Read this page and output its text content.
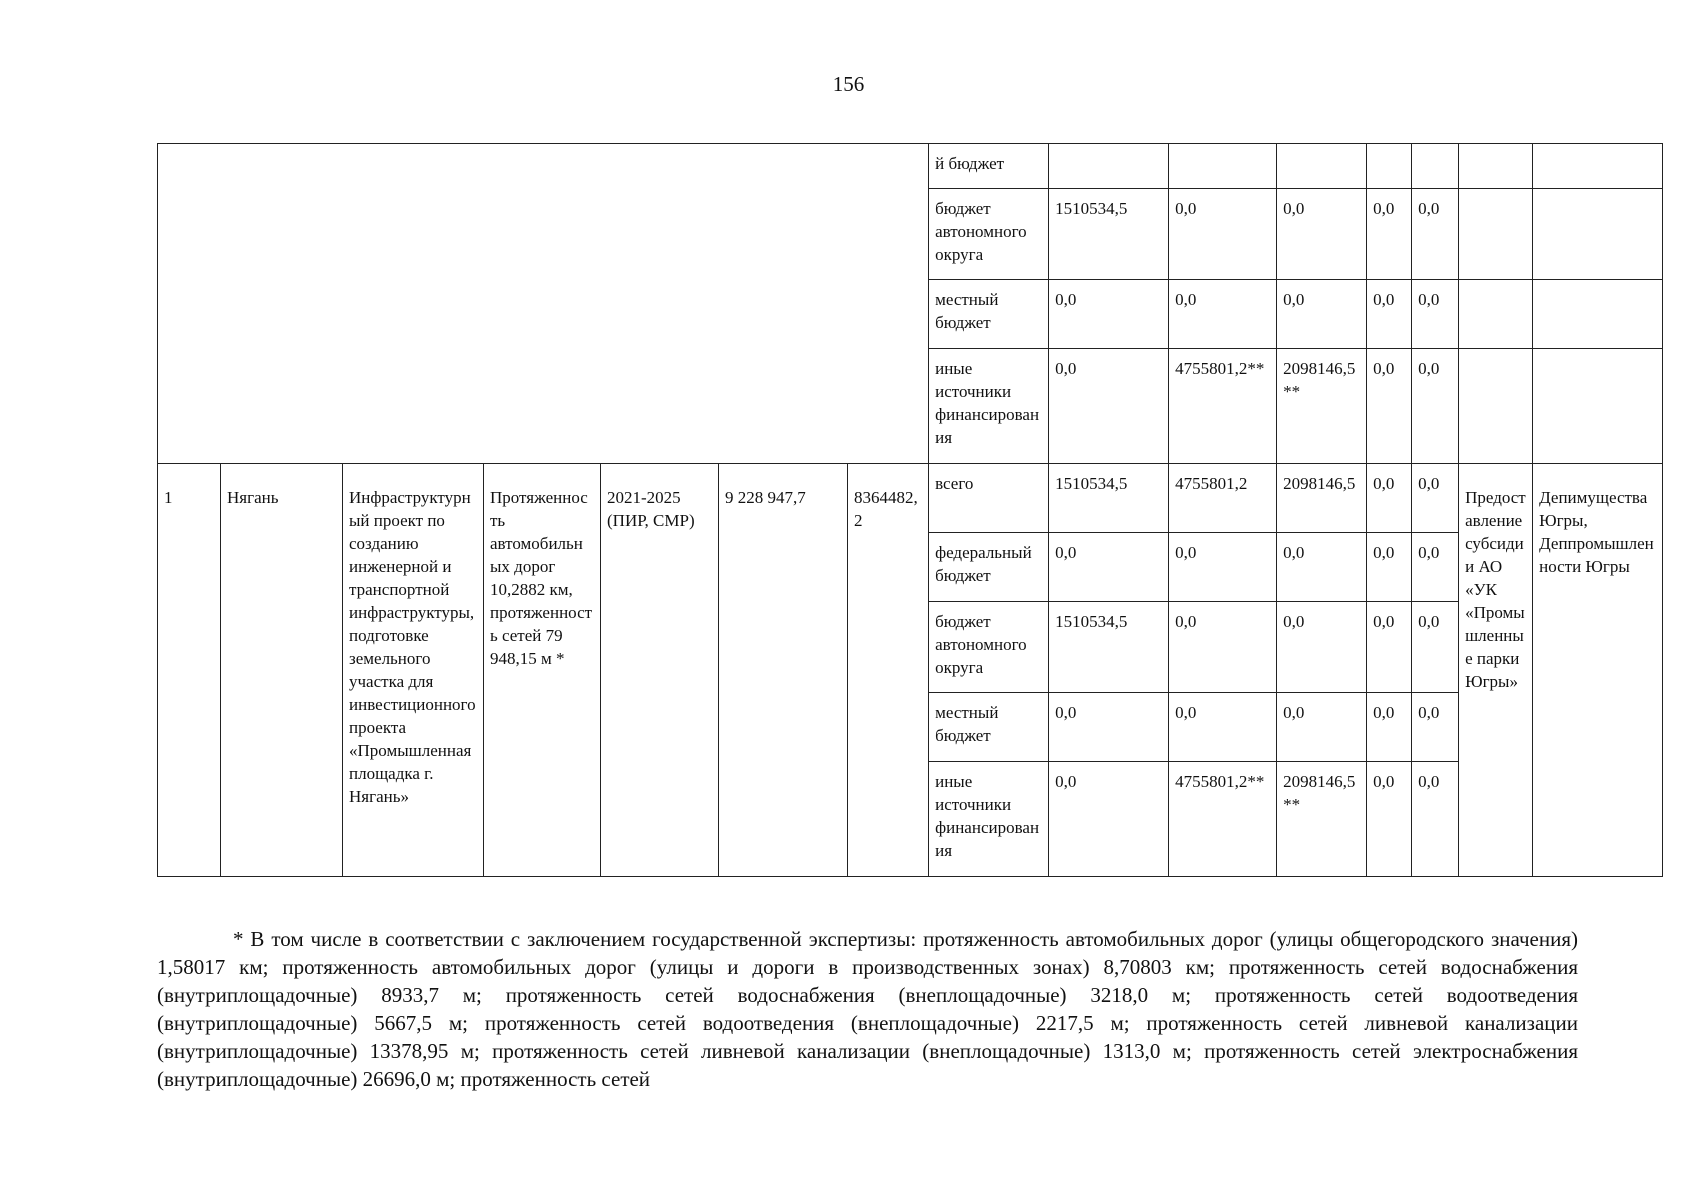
156
							й бюджет							
							бюджет автономного округа	1510534,5	0,0	0,0	0,0	0,0		
							местный бюджет	0,0	0,0	0,0	0,0	0,0		
							иные источники финансирования	0,0	4755801,2**	2098146,5**	0,0	0,0		
1	Нягань	Инфраструктурный проект по созданию инженерной и транспортной инфраструктуры, подготовке земельного участка для инвестиционного проекта «Промышленная площадка г. Нягань»	Протяженность автомобильных дорог 10,2882 км, протяженность сетей 79 948,15 м *	2021-2025 (ПИР, СМР)	9 228 947,7	8364482,2	всего	1510534,5	4755801,2	2098146,5	0,0	0,0	Предоставление субсидии АО «УК «Промышленные парки Югры»	Депимущества Югры, Деппромышленности Югры
							федеральный бюджет	0,0	0,0	0,0	0,0	0,0		
							бюджет автономного округа	1510534,5	0,0	0,0	0,0	0,0		
							местный бюджет	0,0	0,0	0,0	0,0	0,0		
							иные источники финансирования	0,0	4755801,2**	2098146,5**	0,0	0,0		

* В том числе в соответствии с заключением государственной экспертизы: протяженность автомобильных дорог (улицы общегородского значения) 1,58017 км; протяженность автомобильных дорог (улицы и дороги в производственных зонах) 8,70803 км; протяженность сетей водоснабжения (внутриплощадочные) 8933,7 м; протяженность сетей водоснабжения (внеплощадочные) 3218,0 м; протяженность сетей водоотведения (внутриплощадочные) 5667,5 м; протяженность сетей водоотведения (внеплощадочные) 2217,5 м; протяженность сетей ливневой канализации (внутриплощадочные) 13378,95 м; протяженность сетей ливневой канализации (внеплощадочные) 1313,0 м; протяженность сетей электроснабжения (внутриплощадочные) 26696,0 м; протяженность сетей
